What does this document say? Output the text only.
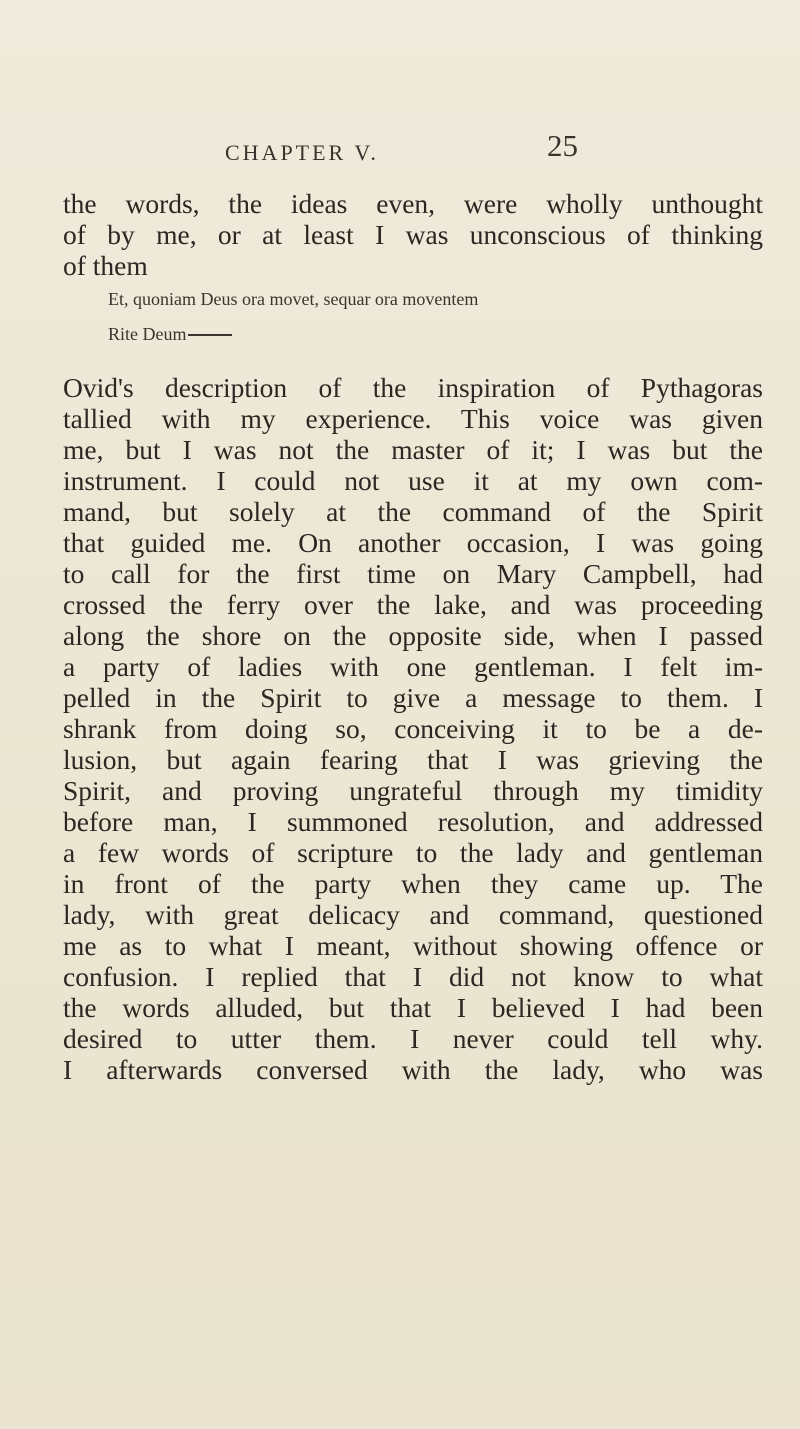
CHAPTER V.	25

the words, the ideas even, were wholly unthought
of by me, or at least I was unconscious of thinking
of them

Et, quoniam Deus ora movet, sequar ora moventem
Rite Deum

Ovid's description of the inspiration of Pythagoras
tallied with my experience. This voice was given
me, but I was not the master of it; I was but the
instrument. I could not use it at my own com-
mand, but solely at the command of the Spirit
that guided me. On another occasion, I was going
to call for the first time on Mary Campbell, had
crossed the ferry over the lake, and was proceeding
along the shore on the opposite side, when I passed
a party of ladies with one gentleman. I felt im-
pelled in the Spirit to give a message to them. I
shrank from doing so, conceiving it to be a de-
lusion, but again fearing that I was grieving the
Spirit, and proving ungrateful through my timidity
before man, I summoned resolution, and addressed
a few words of scripture to the lady and gentleman
in front of the party when they came up. The
lady, with great delicacy and command, questioned
me as to what I meant, without showing offence or
confusion. I replied that I did not know to what
the words alluded, but that I believed I had been
desired to utter them. I never could tell why.
I afterwards conversed with the lady, who was
